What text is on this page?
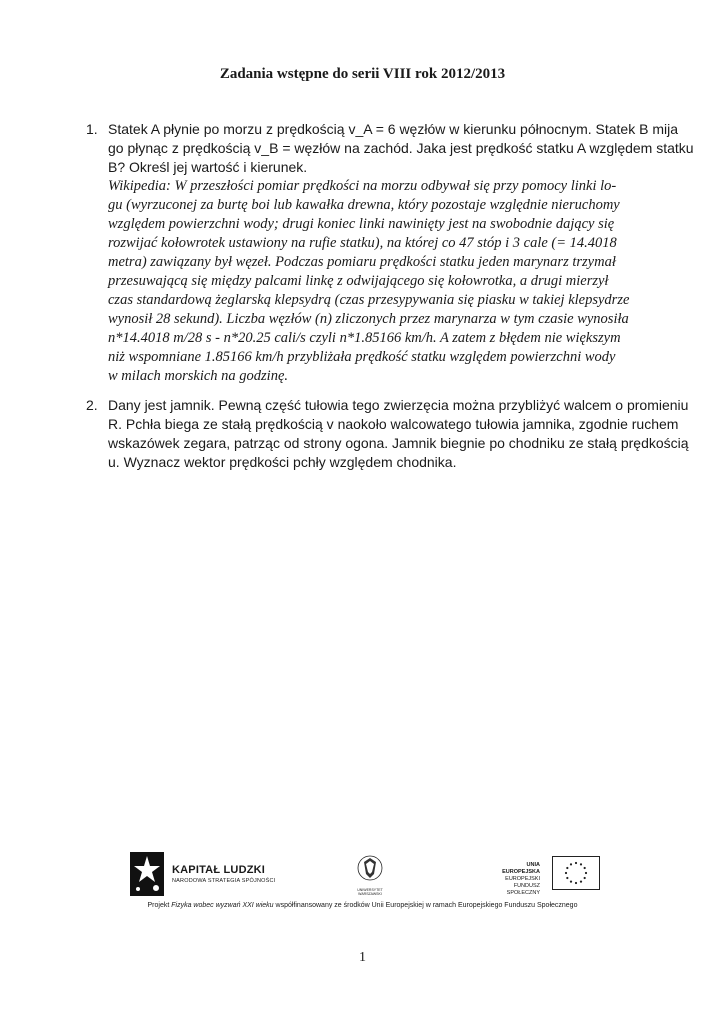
Zadania wstępne do serii VIII rok 2012/2013
1. Statek A płynie po morzu z prędkością v_A = 6 węzłów w kierunku północnym. Statek B mija
go płynąc z prędkością v_B = węzłów na zachód. Jaka jest prędkość statku A względem statku
B? Określ jej wartość i kierunek.
Wikipedia: W przeszłości pomiar prędkości na morzu odbywał się przy pomocy linki lo-
gu (wyrzuconej za burtę boi lub kawałka drewna, który pozostaje względnie nieruchomy
względem powierzchni wody; drugi koniec linki nawinięty jest na swobodnie dający się
rozwijać kołowrotek ustawiony na rufie statku), na której co 47 stóp i 3 cale (= 14.4018
metra) zawiązany był węzeł. Podczas pomiaru prędkości statku jeden marynarz trzymał
przesuwającą się między palcami linkę z odwijającego się kołowrotka, a drugi mierzył
czas standardową żeglarską klepsydrą (czas przesypywania się piasku w takiej klepsydrze
wynosił 28 sekund). Liczba węzłów (n) zliczonych przez marynarza w tym czasie wynosiła
n*14.4018 m/28 s - n*20.25 cali/s czyli n*1.85166 km/h. A zatem z błędem nie większym
niż wspomniane 1.85166 km/h przybliżała prędkość statku względem powierzchni wody
w milach morskich na godzinę.
2. Dany jest jamnik. Pewną część tułowia tego zwierzęcia można przybliżyć walcem o promieniu
R. Pchła biega ze stałą prędkością v naokoło walcowatego tułowia jamnika, zgodnie ruchem
wskazówek zegara, patrząc od strony ogona. Jamnik biegnie po chodniku ze stałą prędkością
u. Wyznacz wektor prędkości pchły względem chodnika.
KAPITAŁ LUDZKI
NARODOWA STRATEGIA SPÓJNOŚCI
UNIWERSYTET WARSZAWSKI
UNIA EUROPEJSKA
EUROPEJSKI
FUNDUSZ SPOŁECZNY
Projekt Fizyka wobec wyzwań XXI wieku współfinansowany ze środków Unii Europejskiej w ramach Europejskiego Funduszu Społecznego
1
